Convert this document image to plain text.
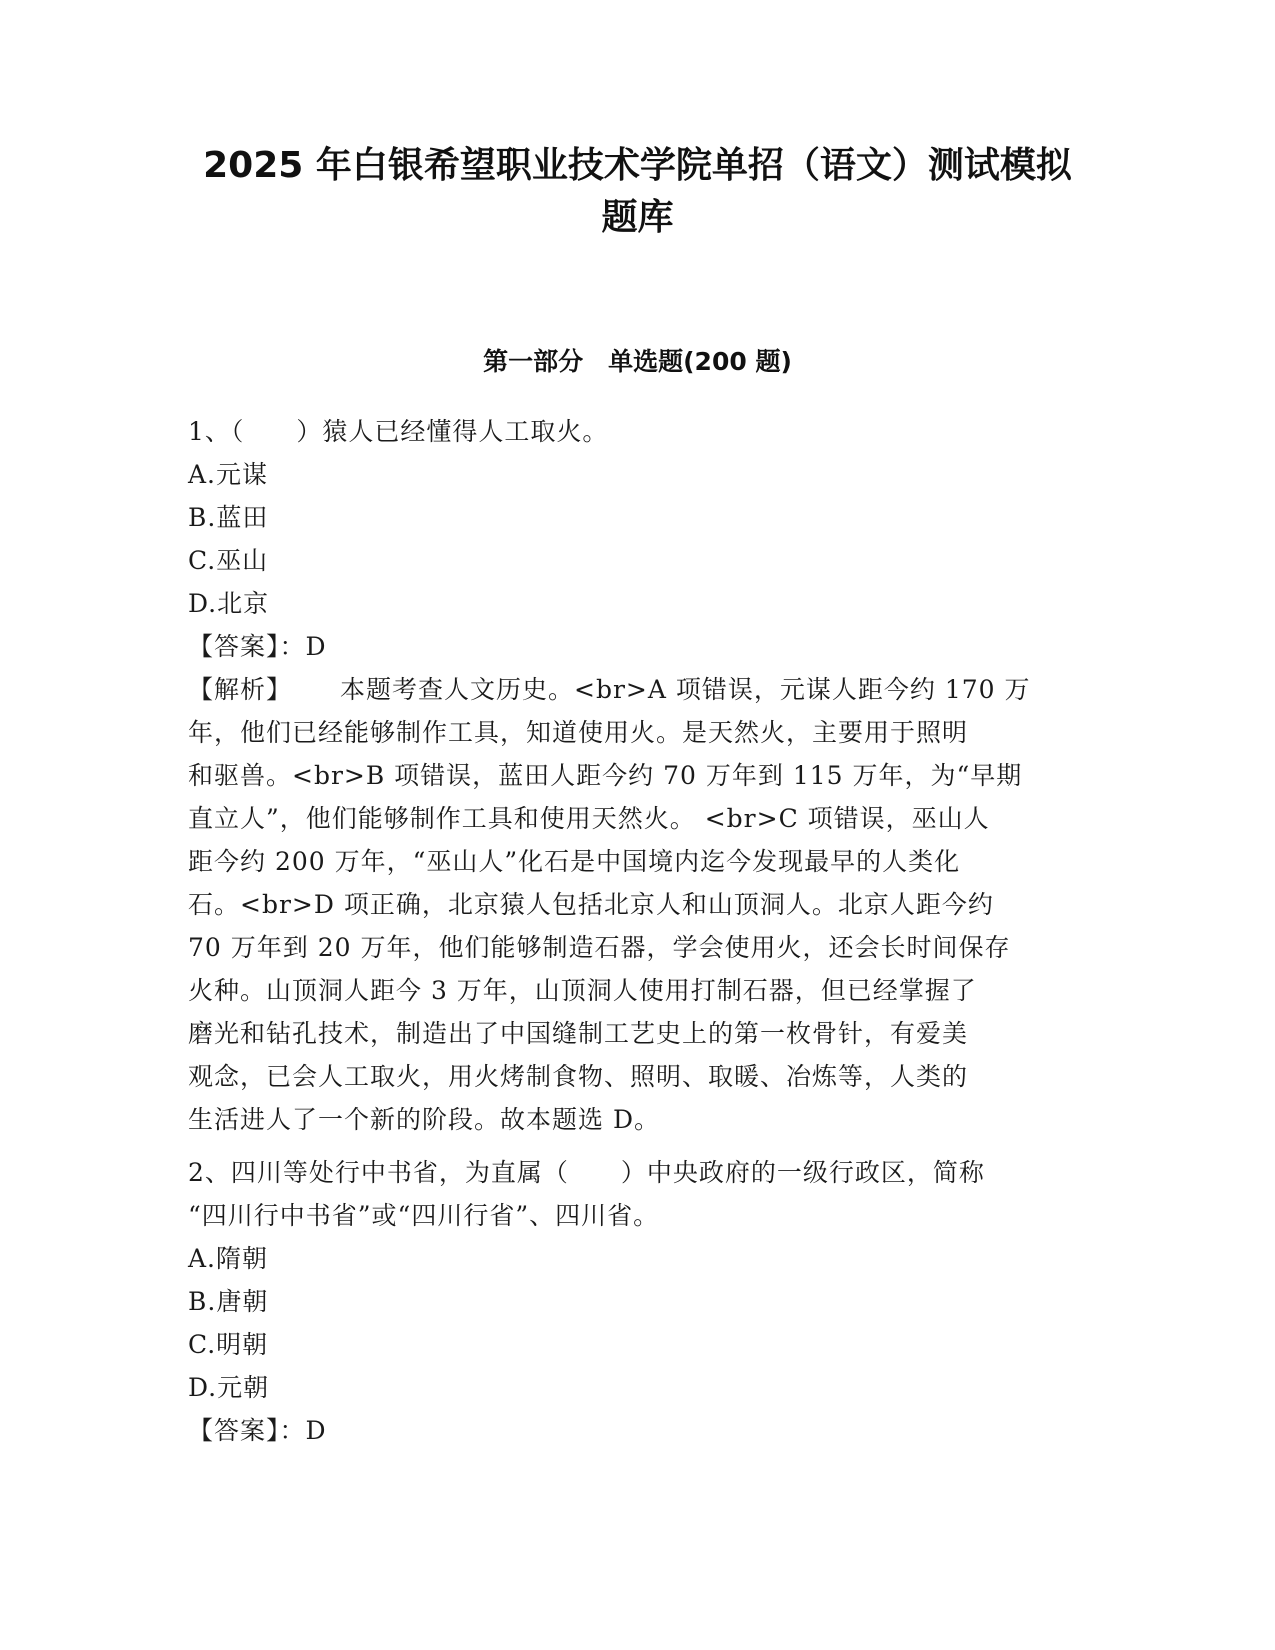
2025 年白银希望职业技术学院单招（语文）测试模拟
题库
第一部分　单选题(200 题)
1、（　　）猿人已经懂得人工取火。
A.元谋
B.蓝田
C.巫山
D.北京
【答案】：D
【解析】 本题考查人文历史。<br>A 项错误，元谋人距今约 170 万
年，他们已经能够制作工具，知道使用火。是天然火，主要用于照明
和驱兽。<br>B 项错误，蓝田人距今约 70 万年到 115 万年，为“早期
直立人”，他们能够制作工具和使用天然火。 <br>C 项错误，巫山人
距今约 200 万年，“巫山人”化石是中国境内迄今发现最早的人类化
石。<br>D 项正确，北京猿人包括北京人和山顶洞人。北京人距今约
70 万年到 20 万年，他们能够制造石器，学会使用火，还会长时间保存
火种。山顶洞人距今 3 万年，山顶洞人使用打制石器，但已经掌握了
磨光和钻孔技术，制造出了中国缝制工艺史上的第一枚骨针，有爱美
观念，已会人工取火，用火烤制食物、照明、取暖、冶炼等，人类的
生活进人了一个新的阶段。故本题选 D。
2、四川等处行中书省，为直属（　　）中央政府的一级行政区，简称
“四川行中书省”或“四川行省”、四川省。
A.隋朝
B.唐朝
C.明朝
D.元朝
【答案】：D
